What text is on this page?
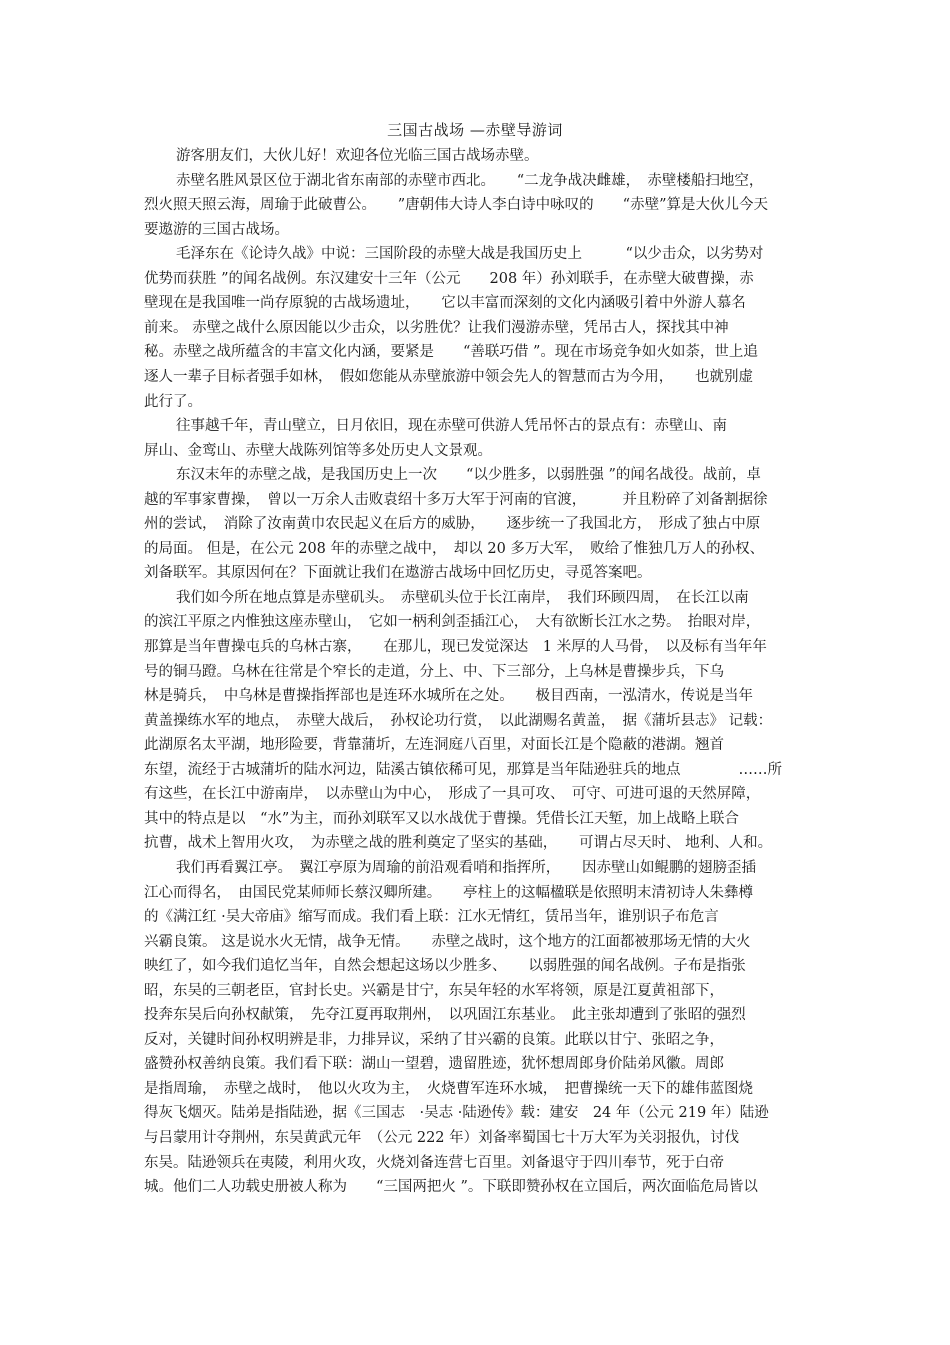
三国古战场 —赤壁导游词
游客朋友们，大伙儿好！欢迎各位光临三国古战场赤壁。
赤壁名胜风景区位于湖北省东南部的赤壁市西北。　　“二龙争战决雌雄，　赤壁楼船扫地空，
烈火照天照云海，周瑜于此破曹公。　　”唐朝伟大诗人李白诗中咏叹的　　“赤壁”算是大伙儿今天
要遨游的三国古战场。
毛泽东在《论诗久战》中说：三国阶段的赤壁大战是我国历史上　　　“以少击众，以劣势对
优势而获胜 ”的闻名战例。东汉建安十三年（公元　　208 年）孙刘联手，在赤壁大破曹操，赤
壁现在是我国唯一尚存原貌的古战场遗址，　　它以丰富而深刻的文化内涵吸引着中外游人慕名
前来。 赤壁之战什么原因能以少击众，以劣胜优？让我们漫游赤壁，凭吊古人，探找其中神
秘。赤壁之战所蕴含的丰富文化内涵，要紧是　　“善联巧借 ”。现在市场竞争如火如荼，世上追
逐人一辈子目标者强手如林，　假如您能从赤壁旅游中领会先人的智慧而古为今用，　　也就别虚
此行了。
往事越千年，青山壁立，日月依旧，现在赤壁可供游人凭吊怀古的景点有：赤壁山、南
屏山、金鸾山、赤壁大战陈列馆等多处历史人文景观。
东汉末年的赤壁之战，是我国历史上一次　　“以少胜多，以弱胜强 ”的闻名战役。战前，卓
越的军事家曹操，　曾以一万余人击败袁绍十多万大军于河南的官渡，　　　并且粉碎了刘备割据徐
州的尝试，　消除了汝南黄巾农民起义在后方的威胁，　　逐步统一了我国北方，　形成了独占中原
的局面。 但是，在公元 208 年的赤壁之战中，　却以 20 多万大军，　败给了惟独几万人的孙权、
刘备联军。其原因何在？下面就让我们在遨游古战场中回忆历史，寻觅答案吧。
我们如今所在地点算是赤壁矶头。　赤壁矶头位于长江南岸，　我们环顾四周，　在长江以南
的滨江平原之内惟独这座赤壁山，　它如一柄利剑歪插江心，　大有欲断长江水之势。　抬眼对岸，
那算是当年曹操屯兵的乌林古寨，　　在那儿，现已发觉深达　1 米厚的人马骨，　以及标有当年年
号的铜马蹬。乌林在往常是个窄长的走道，分上、中、下三部分，上乌林是曹操步兵，下乌
林是骑兵，　中乌林是曹操指挥部也是连环水城所在之处。　　极目西南，一泓清水，传说是当年
黄盖操练水军的地点，　赤壁大战后，　孙权论功行赏，　以此湖赐名黄盖，　据《蒲圻县志》 记载：
此湖原名太平湖，地形险要，背靠蒲圻，左连洞庭八百里，对面长江是个隐蔽的港湖。翘首
东望，流经于古城蒲圻的陆水河边，陆溪古镇依稀可见，那算是当年陆逊驻兵的地点　　　　……所
有这些，在长江中游南岸，　以赤壁山为中心，　形成了一具可攻、　可守、可进可退的天然屏障，
其中的特点是以　“水”为主，而孙刘联军又以水战优于曹操。凭借长江天堑，加上战略上联合
抗曹，战术上智用火攻，　为赤壁之战的胜利奠定了坚实的基础，　　可谓占尽天时、 地利、人和。
我们再看翼江亭。　翼江亭原为周瑜的前沿观看哨和指挥所，　　因赤壁山如鲲鹏的翅膀歪插
江心而得名，　由国民党某师师长蔡汉卿所建。　　亭柱上的这幅楹联是依照明末清初诗人朱彝樽
的《满江红 ·吴大帝庙》缩写而成。我们看上联：江水无情红，赁吊当年，谁别识子布危言
兴霸良策。 这是说水火无情，战争无情。　　赤壁之战时，这个地方的江面都被那场无情的大火
映红了，如今我们追忆当年，自然会想起这场以少胜多、　　以弱胜强的闻名战例。子布是指张
昭，东吴的三朝老臣，官封长史。兴霸是甘宁，东吴年轻的水军将领，原是江夏黄祖部下，
投奔东吴后向孙权献策，　先夺江夏再取荆州，　以巩固江东基业。　此主张却遭到了张昭的强烈
反对，关键时间孙权明辨是非，力排异议，采纳了甘兴霸的良策。此联以甘宁、张昭之争，
盛赞孙权善纳良策。我们看下联：湖山一望碧，遗留胜迹，犹怀想周郎身价陆弟风徽。周郎
是指周瑜，　赤壁之战时，　他以火攻为主，　火烧曹军连环水城，　把曹操统一天下的雄伟蓝图烧
得灰飞烟灭。陆弟是指陆逊，据《三国志　·吴志 ·陆逊传》载：建安　24 年（公元 219 年）陆逊
与吕蒙用计夺荆州，东吴黄武元年　（公元 222 年）刘备率蜀国七十万大军为关羽报仇，讨伐
东吴。陆逊领兵在夷陵，利用火攻，火烧刘备连营七百里。刘备退守于四川奉节，死于白帝
城。他们二人功载史册被人称为　　“三国两把火 ”。下联即赞孙权在立国后，两次面临危局皆以
